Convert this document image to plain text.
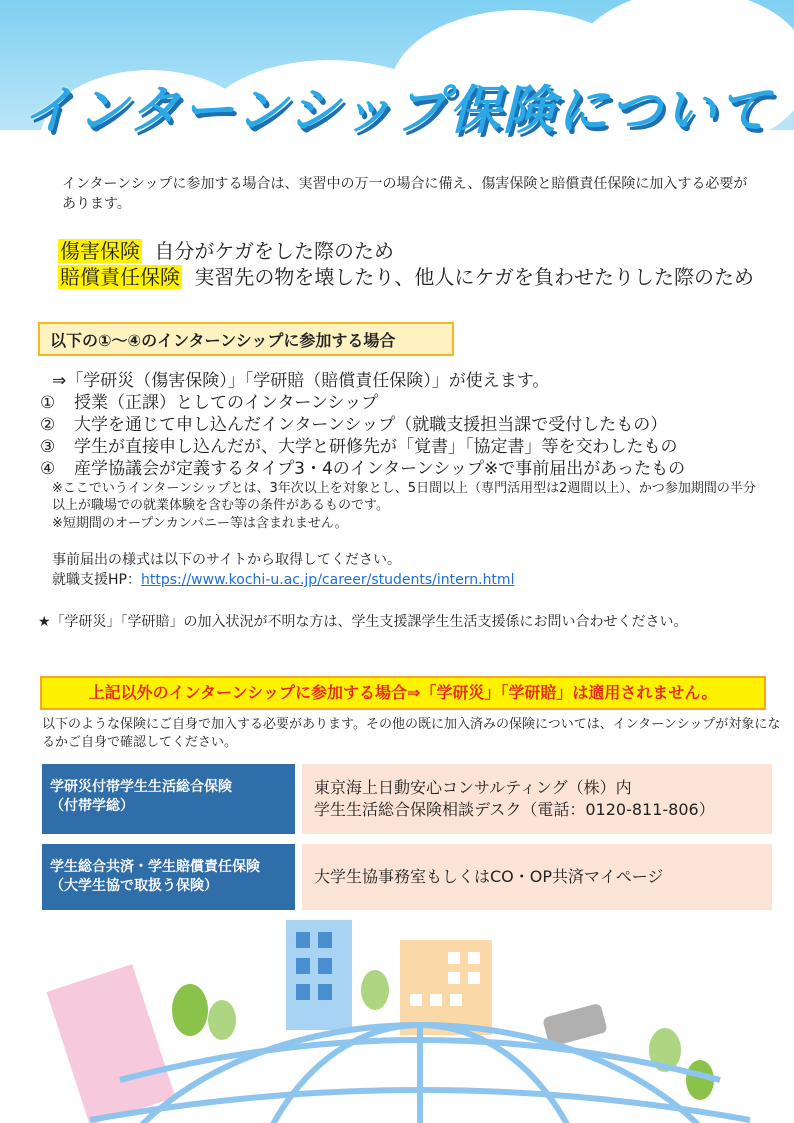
インターンシップ保険について
インターンシップに参加する場合は、実習中の万一の場合に備え、傷害保険と賠償責任保険に加入する必要があります。
傷害保険 自分がケガをした際のため
賠償責任保険 実習先の物を壊したり、他人にケガを負わせたりした際のため
以下の①～④のインターンシップに参加する場合
⇒「学研災（傷害保険）」「学研賠（賠償責任保険）」が使えます。
① 授業（正課）としてのインターンシップ
② 大学を通じて申し込んだインターンシップ（就職支援担当課で受付したもの）
③ 学生が直接申し込んだが、大学と研修先が「覚書」「協定書」等を交わしたもの
④ 産学協議会が定義するタイプ3・4のインターンシップ※で事前届出があったもの
※ここでいうインターンシップとは、3年次以上を対象とし、5日間以上（専門活用型は2週間以上）、かつ参加期間の半分以上が職場での就業体験を含む等の条件があるものです。
※短期間のオープンカンパニー等は含まれません。
事前届出の様式は以下のサイトから取得してください。
就職支援HP：https://www.kochi-u.ac.jp/career/students/intern.html
★「学研災」「学研賠」の加入状況が不明な方は、学生支援課学生生活支援係にお問い合わせください。
上記以外のインターンシップに参加する場合⇒「学研災」「学研賠」は適用されません。
以下のような保険にご自身で加入する必要があります。その他の既に加入済みの保険については、インターンシップが対象になるかご自身で確認してください。
学研災付帯学生生活総合保険
（付帯学総）
東京海上日動安心コンサルティング（株）内
学生生活総合保険相談デスク（電話：0120-811-806）
学生総合共済・学生賠償責任保険
（大学生協で取扱う保険）	大学生協事務室もしくはCO・OP共済マイページ
